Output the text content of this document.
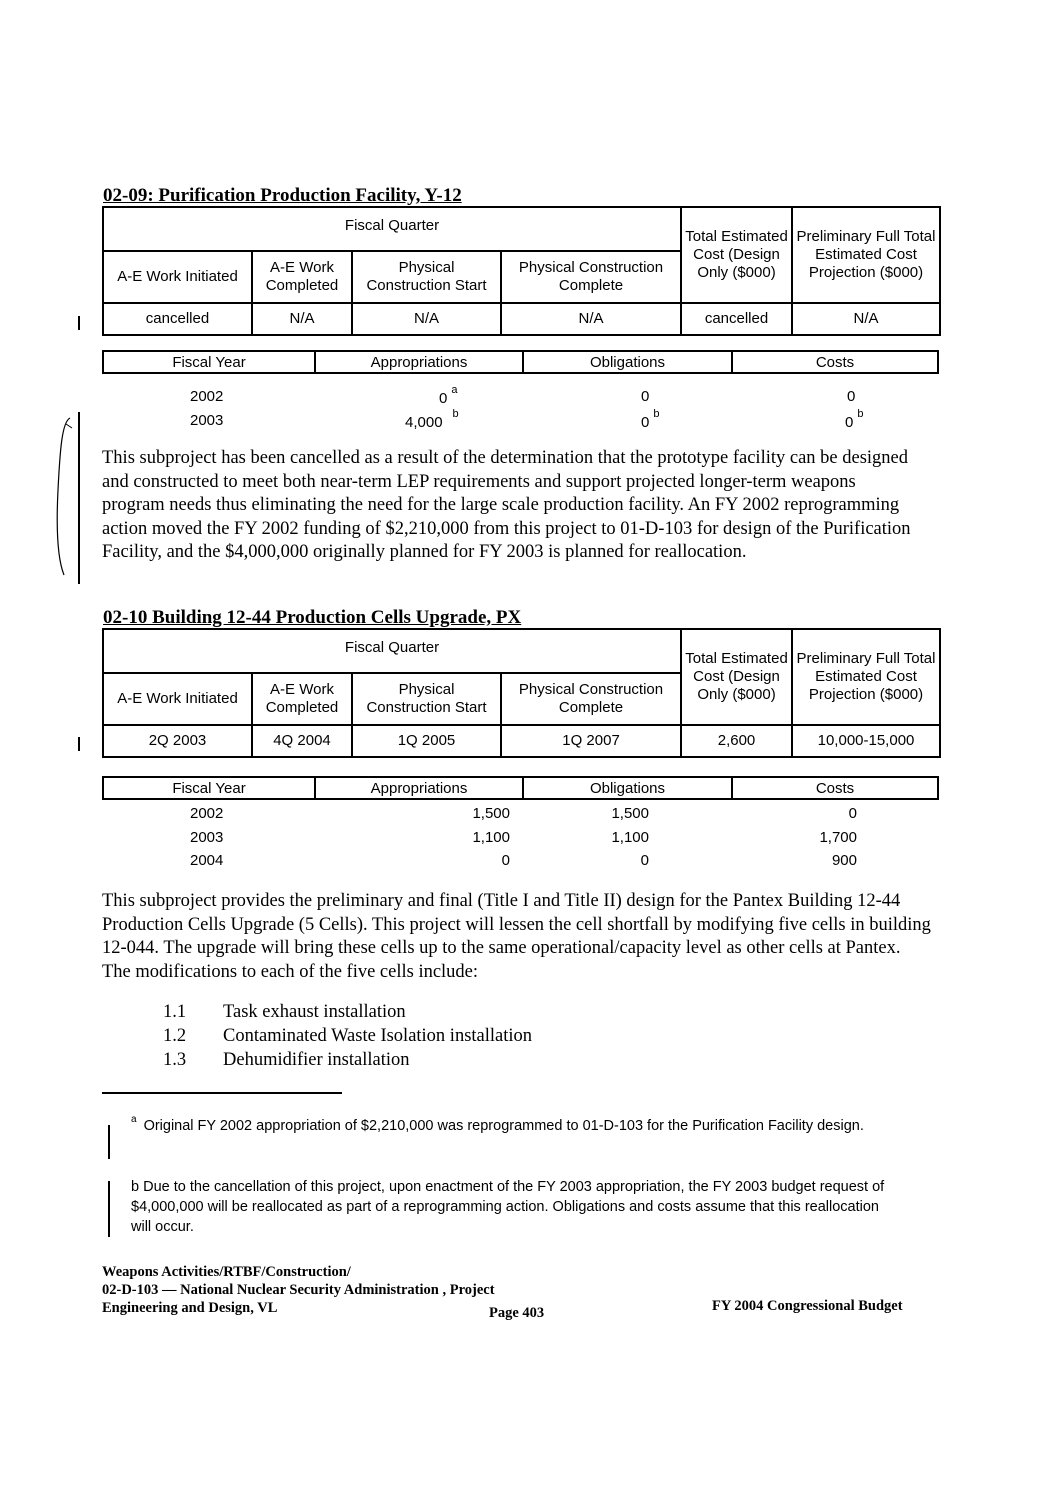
02-09: Purification Production Facility, Y-12
Fiscal Quarter				Total Estimated Cost (Design Only ($000)	Preliminary Full Total Estimated Cost Projection ($000)
A-E Work Initiated	A-E Work Completed	Physical Construction Start	Physical Construction Complete		
cancelled	N/A	N/A	N/A	cancelled	N/A
Fiscal Year	Appropriations	Obligations	Costs
2002	0 $^a$	0	0
2003	4,000 $^b$	0 $^b$	0 $^b$
This subproject has been cancelled as a result of the determination that the prototype facility can be designed and constructed to meet both near-term LEP requirements and support projected longer-term weapons program needs thus eliminating the need for the large scale production facility. An FY 2002 reprogramming action moved the FY 2002 funding of $2,210,000 from this project to 01-D-103 for design of the Purification Facility, and the $4,000,000 originally planned for FY 2003 is planned for reallocation.
02-10 Building 12-44 Production Cells Upgrade, PX
Fiscal Quarter				Total Estimated Cost (Design Only ($000)	Preliminary Full Total Estimated Cost Projection ($000)
A-E Work Initiated	A-E Work Completed	Physical Construction Start	Physical Construction Complete		
2Q 2003	4Q 2004	1Q 2005	1Q 2007	2,600	10,000-15,000
Fiscal Year	Appropriations	Obligations	Costs
2002	1,500	1,500	0
2003	1,100	1,100	1,700
2004	0	0	900
This subproject provides the preliminary and final (Title I and Title II) design for the Pantex Building 12-44 Production Cells Upgrade (5 Cells). This project will lessen the cell shortfall by modifying five cells in building 12-044. The upgrade will bring these cells up to the same operational/capacity level as other cells at Pantex. The modifications to each of the five cells include:
1.1 Task exhaust installation
1.2 Contaminated Waste Isolation installation
1.3 Dehumidifier installation
$^a$ Original FY 2002 appropriation of $2,210,000 was reprogrammed to 01-D-103 for the Purification Facility design.
b Due to the cancellation of this project, upon enactment of the FY 2003 appropriation, the FY 2003 budget request of $4,000,000 will be reallocated as part of a reprogramming action. Obligations and costs assume that this reallocation will occur.
Weapons Activities/RTBF/Construction/
02-D-103 — National Nuclear Security Administration , Project
Engineering and Design, VL	Page 403	FY 2004 Congressional Budget
